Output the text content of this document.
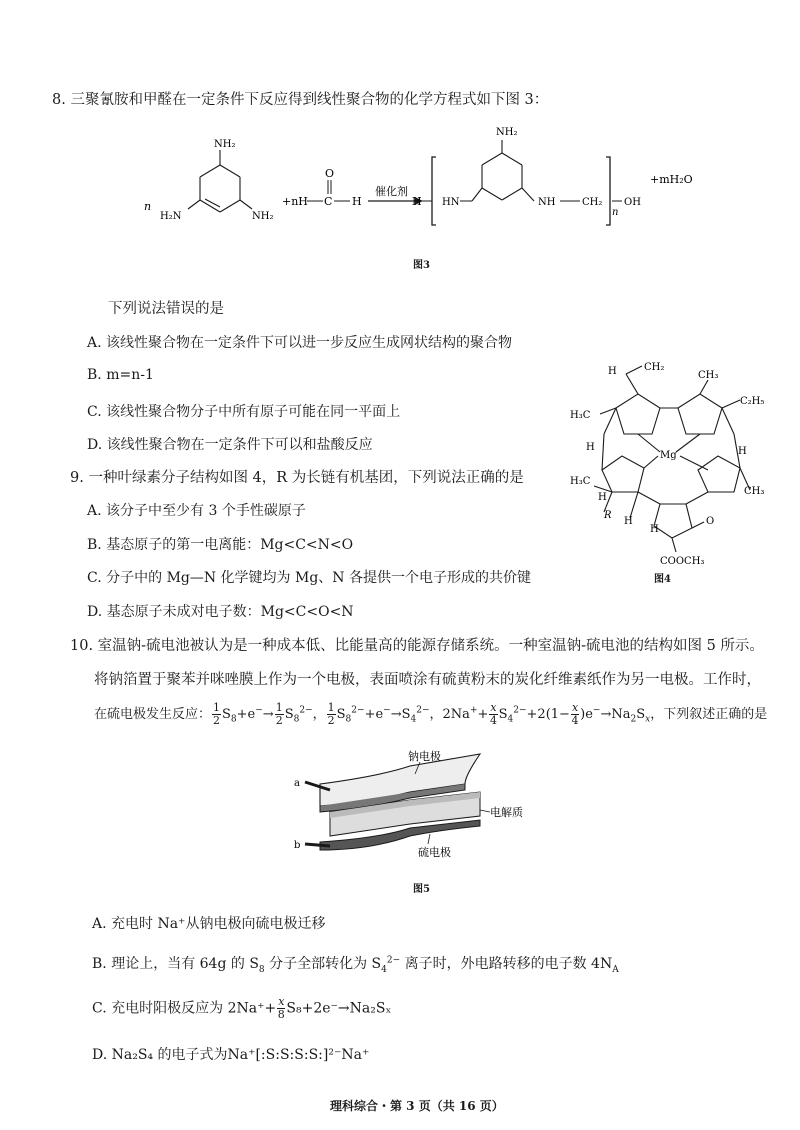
8. 三聚氰胺和甲醛在一定条件下反应得到线性聚合物的化学方程式如下图 3：
n
NH₂
H₂N	NH₂
+nH C
O
H
催化剂
H HN
NH₂
NH	CH₂
n
OH
+mH₂O
图3
下列说法错误的是
A. 该线性聚合物在一定条件下可以进一步反应生成网状结构的聚合物
B. m=n-1
C. 该线性聚合物分子中所有原子可能在同一平面上
D. 该线性聚合物在一定条件下可以和盐酸反应
CH₂
H	CH₃
C₂H₅
H₃C
H	H
Mg
H₃C
H
CH₃
R
H
H
O
COOCH₃
图4
9. 一种叶绿素分子结构如图 4，R 为长链有机基团，下列说法正确的是
A. 该分子中至少有 3 个手性碳原子
B. 基态原子的第一电离能：Mg<C<N<O
C. 分子中的 Mg—N 化学键均为 Mg、N 各提供一个电子形成的共价键
D. 基态原子未成对电子数：Mg<C<O<N
10. 室温钠-硫电池被认为是一种成本低、比能量高的能源存储系统。一种室温钠-硫电池的结构如图 5 所示。
将钠箔置于聚苯并咪唑膜上作为一个电极，表面喷涂有硫黄粉末的炭化纤维素纸作为另一电极。工作时，
在硫电极发生反应： $\frac{1}{2} S_8+e^-\to \frac{1}{2} S_8^{2-}$， $\frac{1}{2} S_8^{2-}+e^-\to S_4^{2-}$，$2Na^++ \frac{x}{4} S_4^{2-}+2(1- \frac{x}{4} )e^-\to Na_2S_x$，下列叙述正确的是
a
b
钠电极
电解质
硫电极
图5
A. 充电时 Na⁺从钠电极向硫电极迁移
B. 理论上，当有 64g 的 $S_8$ 分子全部转化为 $S_4^{2-}$ 离子时，外电路转移的电子数 $4N_A$
C. 充电时阳极反应为 $2Na^++ \frac{x}{8} S_8+2e^-\to Na_2S_x$
D. Na₂S₄ 的电子式为Na⁺[:S:S:S:S:]²⁻Na⁺
理科综合・第 3 页（共 16 页）
